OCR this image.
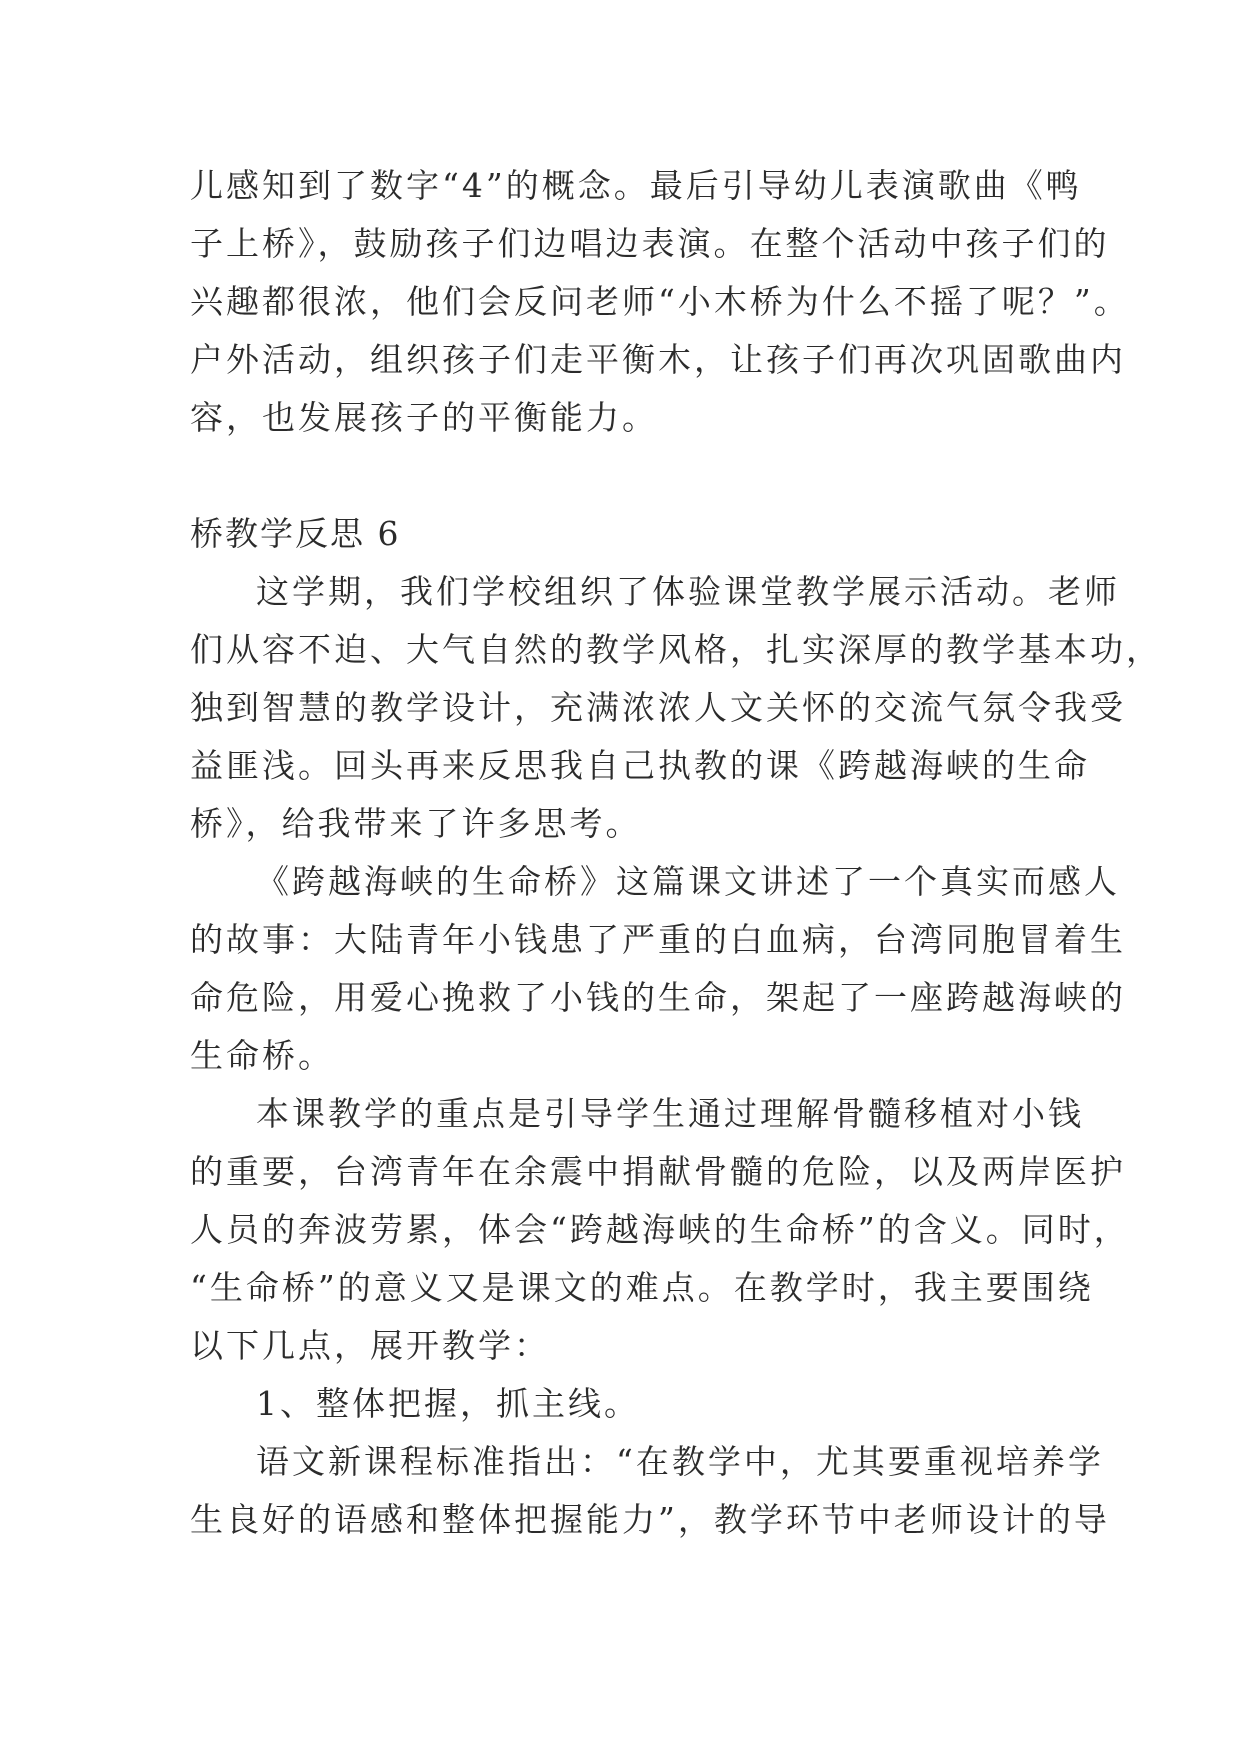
儿感知到了数字“4”的概念。最后引导幼儿表演歌曲《鸭
子上桥》，鼓励孩子们边唱边表演。在整个活动中孩子们的
兴趣都很浓，他们会反问老师“小木桥为什么不摇了呢？”。
户外活动，组织孩子们走平衡木，让孩子们再次巩固歌曲内
容，也发展孩子的平衡能力。
桥教学反思 6
这学期，我们学校组织了体验课堂教学展示活动。老师
们从容不迫、大气自然的教学风格，扎实深厚的教学基本功，
独到智慧的教学设计，充满浓浓人文关怀的交流气氛令我受
益匪浅。回头再来反思我自己执教的课《跨越海峡的生命
桥》，给我带来了许多思考。
《跨越海峡的生命桥》这篇课文讲述了一个真实而感人
的故事：大陆青年小钱患了严重的白血病，台湾同胞冒着生
命危险，用爱心挽救了小钱的生命，架起了一座跨越海峡的
生命桥。
本课教学的重点是引导学生通过理解骨髓移植对小钱
的重要，台湾青年在余震中捐献骨髓的危险，以及两岸医护
人员的奔波劳累，体会“跨越海峡的生命桥”的含义。同时，
“生命桥”的意义又是课文的难点。在教学时，我主要围绕
以下几点，展开教学：
1、整体把握，抓主线。
语文新课程标准指出：“在教学中，尤其要重视培养学
生良好的语感和整体把握能力”，教学环节中老师设计的导
